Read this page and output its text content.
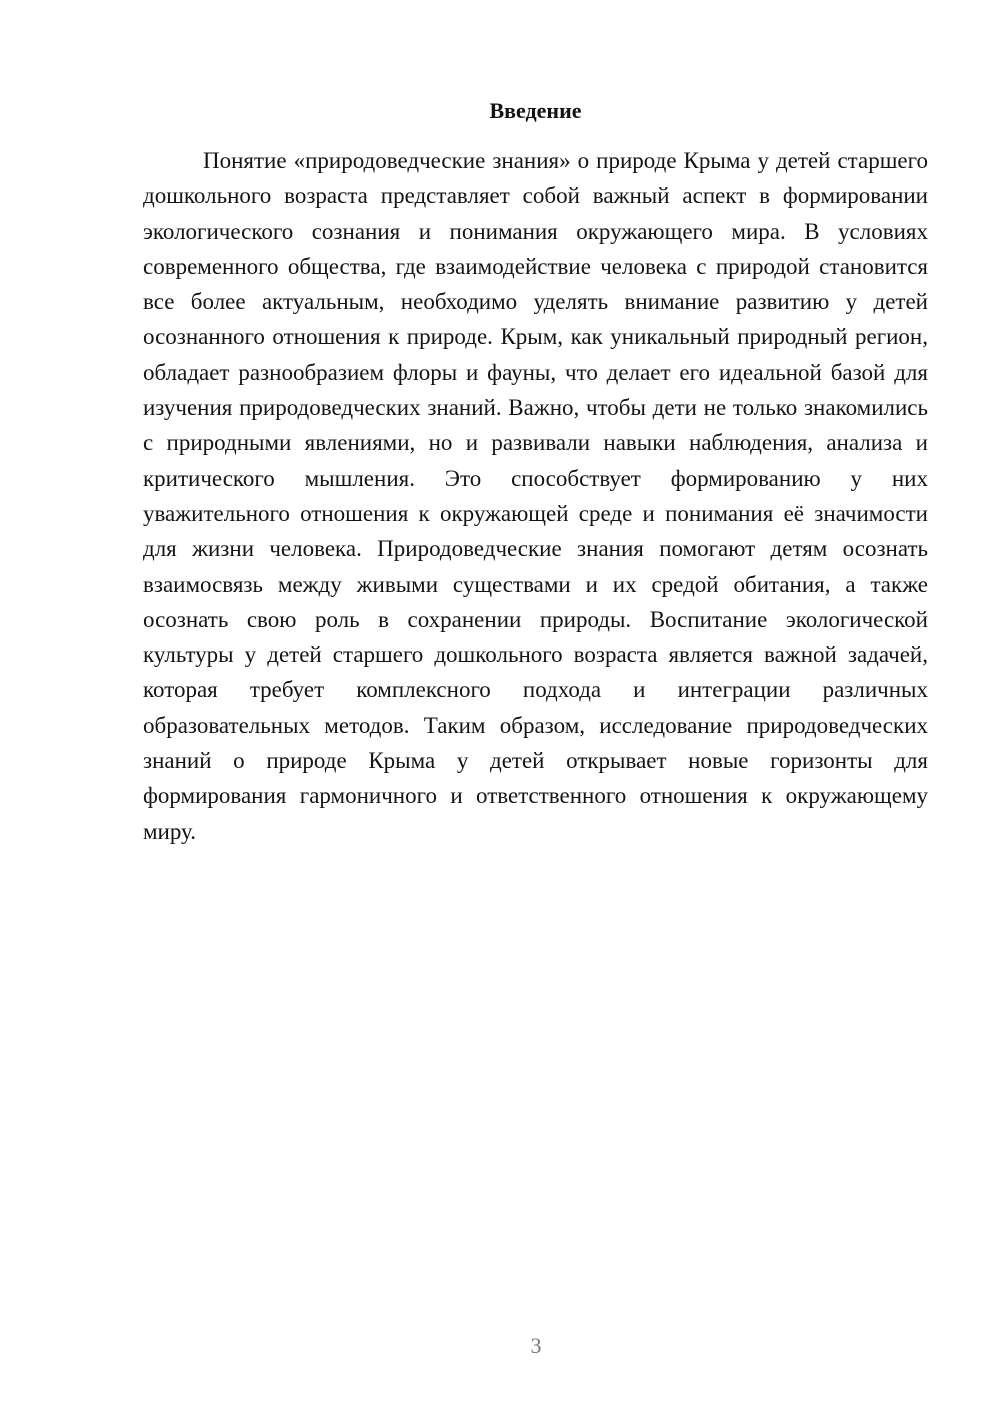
Введение

Понятие «природоведческие знания» о природе Крыма у детей старшего дошкольного возраста представляет собой важный аспект в формировании экологического сознания и понимания окружающего мира. В условиях современного общества, где взаимодействие человека с природой становится все более актуальным, необходимо уделять внимание развитию у детей осознанного отношения к природе. Крым, как уникальный природный регион, обладает разнообразием флоры и фауны, что делает его идеальной базой для изучения природоведческих знаний. Важно, чтобы дети не только знакомились с природными явлениями, но и развивали навыки наблюдения, анализа и критического мышления. Это способствует формированию у них уважительного отношения к окружающей среде и понимания её значимости для жизни человека. Природоведческие знания помогают детям осознать взаимосвязь между живыми существами и их средой обитания, а также осознать свою роль в сохранении природы. Воспитание экологической культуры у детей старшего дошкольного возраста является важной задачей, которая требует комплексного подхода и интеграции различных образовательных методов. Таким образом, исследование природоведческих знаний о природе Крыма у детей открывает новые горизонты для формирования гармоничного и ответственного отношения к окружающему миру.

3
